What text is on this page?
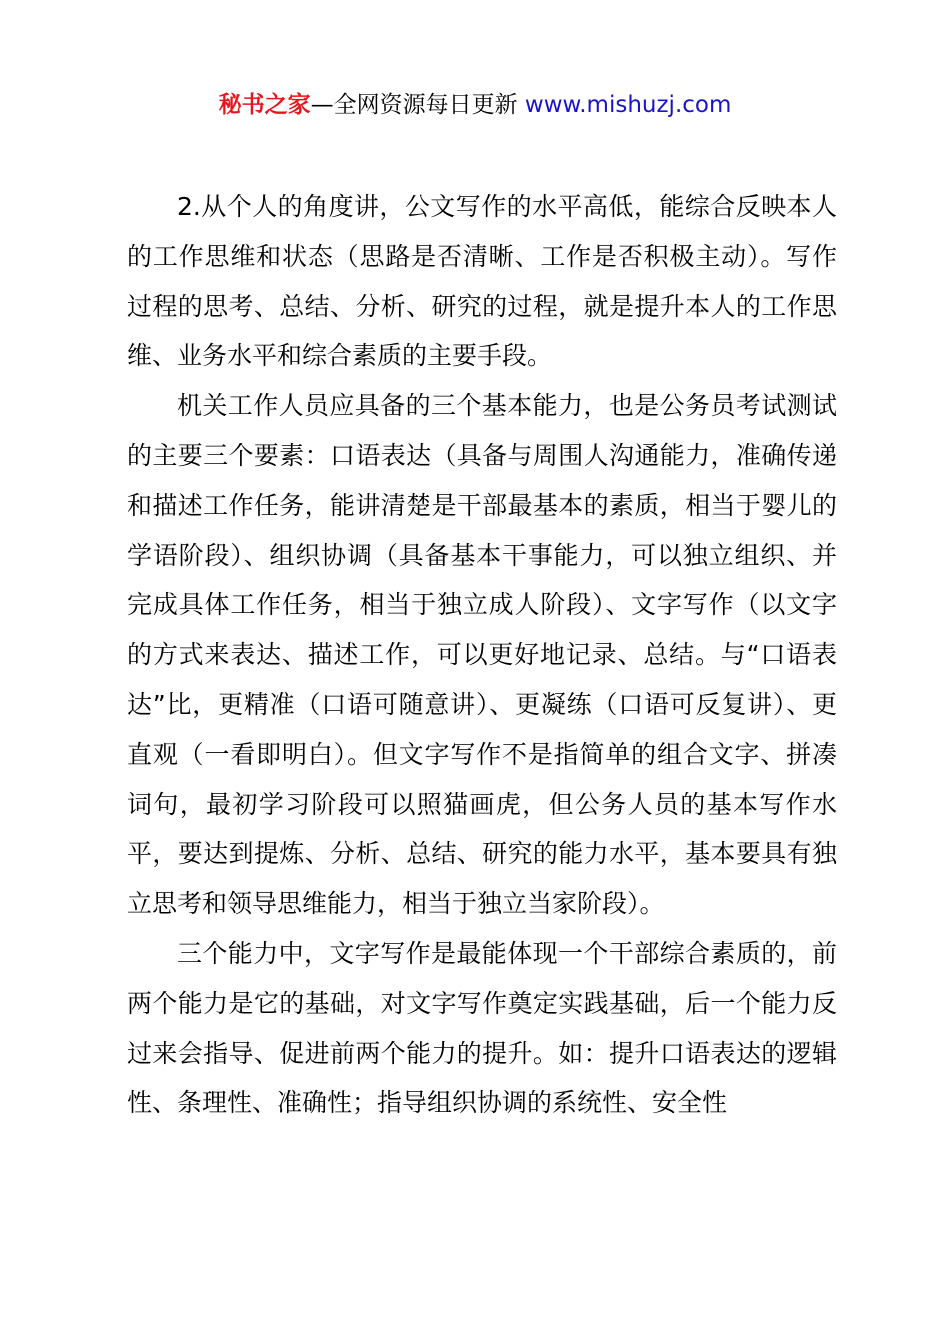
秘书之家—全网资源每日更新 www.mishuzj.com

2.从个人的角度讲，公文写作的水平高低，能综合反映本人的工作思维和状态（思路是否清晰、工作是否积极主动）。写作过程的思考、总结、分析、研究的过程，就是提升本人的工作思维、业务水平和综合素质的主要手段。

机关工作人员应具备的三个基本能力，也是公务员考试测试的主要三个要素：口语表达（具备与周围人沟通能力，准确传递和描述工作任务，能讲清楚是干部最基本的素质，相当于婴儿的学语阶段）、组织协调（具备基本干事能力，可以独立组织、并完成具体工作任务，相当于独立成人阶段）、文字写作（以文字的方式来表达、描述工作，可以更好地记录、总结。与“口语表达”比，更精准（口语可随意讲）、更凝练（口语可反复讲）、更直观（一看即明白）。但文字写作不是指简单的组合文字、拼凑词句，最初学习阶段可以照猫画虎，但公务人员的基本写作水平，要达到提炼、分析、总结、研究的能力水平，基本要具有独立思考和领导思维能力，相当于独立当家阶段）。

三个能力中，文字写作是最能体现一个干部综合素质的，前两个能力是它的基础，对文字写作奠定实践基础，后一个能力反过来会指导、促进前两个能力的提升。如：提升口语表达的逻辑性、条理性、准确性；指导组织协调的系统性、安全性
